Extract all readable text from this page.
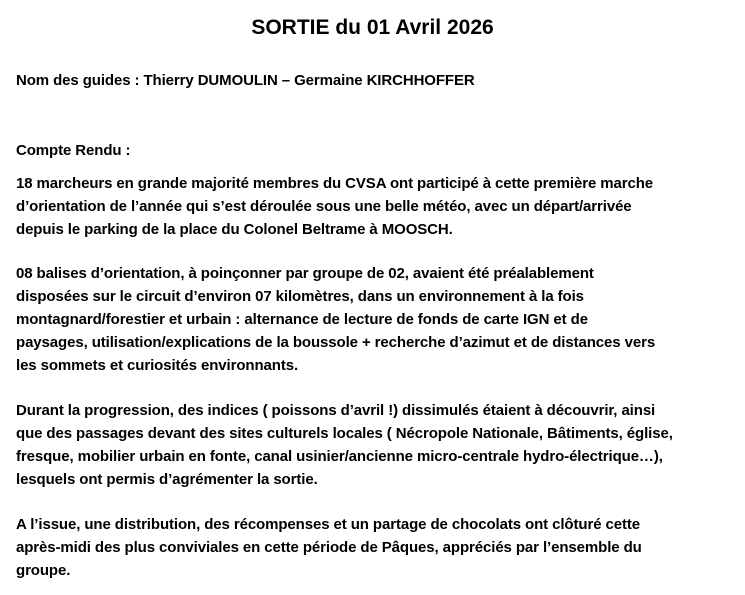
SORTIE du 01 Avril 2026
Nom des guides : Thierry DUMOULIN – Germaine KIRCHHOFFER
Compte Rendu :
18 marcheurs en grande majorité membres du CVSA ont participé à cette première marche
d’orientation de l’année qui s’est déroulée sous une belle météo, avec un départ/arrivée
depuis le parking de la place du Colonel Beltrame à MOOSCH.
08 balises d’orientation, à poinçonner par groupe de 02, avaient été préalablement
disposées sur le circuit d’environ 07 kilomètres, dans un environnement à la fois
montagnard/forestier et urbain : alternance de lecture de fonds de carte IGN et de
paysages, utilisation/explications de la boussole + recherche d’azimut et de distances vers
les sommets et curiosités environnants.
Durant la progression, des indices ( poissons d’avril !) dissimulés étaient à découvrir, ainsi
que des passages devant des sites culturels locales ( Nécropole Nationale, Bâtiments, église,
fresque, mobilier urbain en fonte, canal usinier/ancienne micro-centrale hydro-électrique…),
lesquels ont permis d’agrémenter la sortie.
A l’issue, une distribution, des récompenses et un partage de chocolats ont clôturé cette
après-midi des plus conviviales en cette période de Pâques, appréciés par l’ensemble du
groupe.
